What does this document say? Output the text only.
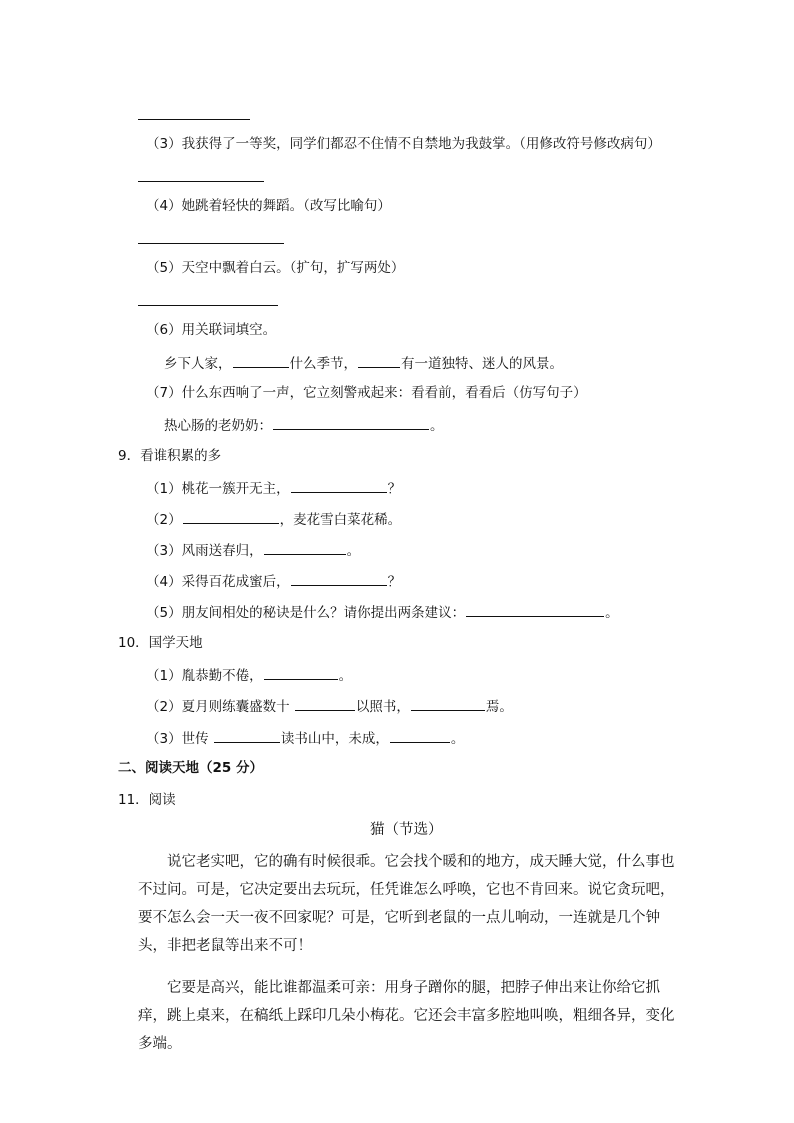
（3）我获得了一等奖，同学们都忍不住情不自禁地为我鼓掌。（用修改符号修改病句）
（4）她跳着轻快的舞蹈。（改写比喻句）
（5）天空中飘着白云。（扩句，扩写两处）
（6）用关联词填空。
乡下人家，	什么季节，	有一道独特、迷人的风景。
（7）什么东西响了一声，它立刻警戒起来：看看前，看看后（仿写句子）
热心肠的老奶奶：	。
9．看谁积累的多
（1）桃花一簇开无主，	？
（2）	，麦花雪白菜花稀。
（3）风雨送春归，	。
（4）采得百花成蜜后，	？
（5）朋友间相处的秘诀是什么？请你提出两条建议：	。
10．国学天地
（1）胤恭勤不倦，	。
（2）夏月则练囊盛数十	以照书，	焉。
（3）世传	读书山中，未成，	。
二、阅读天地（25 分）
11．阅读
猫（节选）
说它老实吧，它的确有时候很乖。它会找个暖和的地方，成天睡大觉，什么事也不过问。可是，它决定要出去玩玩，任凭谁怎么呼唤，它也不肯回来。说它贪玩吧，要不怎么会一天一夜不回家呢？可是，它听到老鼠的一点儿响动，一连就是几个钟头，非把老鼠等出来不可！
它要是高兴，能比谁都温柔可亲：用身子蹭你的腿，把脖子伸出来让你给它抓痒，跳上桌来，在稿纸上踩印几朵小梅花。它还会丰富多腔地叫唤，粗细各异，变化多端。
